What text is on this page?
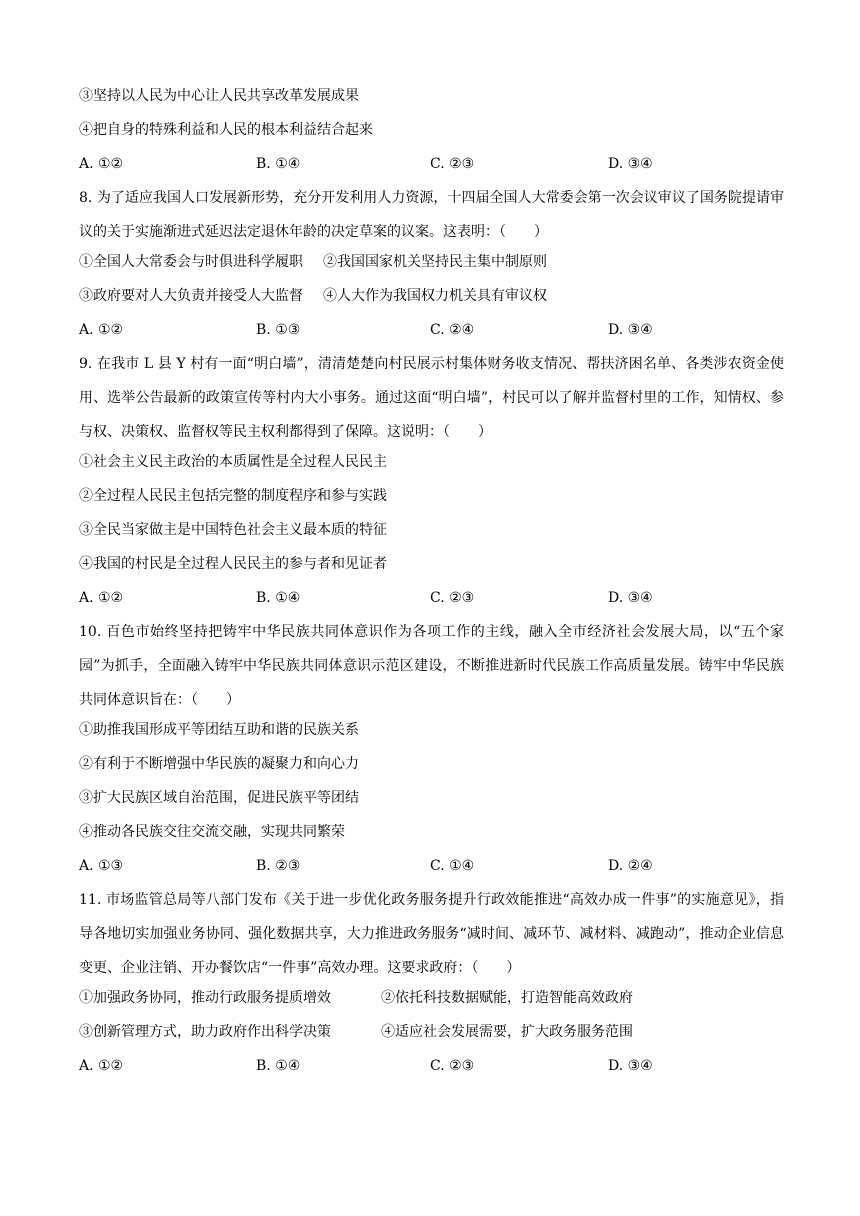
③坚持以人民为中心让人民共享改革发展成果
④把自身的特殊利益和人民的根本利益结合起来
A. ①②	B. ①④	C. ②③	D. ③④

8. 为了适应我国人口发展新形势，充分开发利用人力资源，十四届全国人大常委会第一次会议审议了国务院提请审议的关于实施渐进式延迟法定退休年龄的决定草案的议案。这表明：（　　）

①全国人大常委会与时俱进科学履职 ②我国国家机关坚持民主集中制原则
③政府要对人大负责并接受人大监督 ④人大作为我国权力机关具有审议权
A. ①②	B. ①③	C. ②④	D. ③④

9. 在我市 L 县 Y 村有一面“明白墙”，清清楚楚向村民展示村集体财务收支情况、帮扶济困名单、各类涉农资金使用、选举公告最新的政策宣传等村内大小事务。通过这面“明白墙”，村民可以了解并监督村里的工作，知情权、参与权、决策权、监督权等民主权利都得到了保障。这说明：（　　）

①社会主义民主政治的本质属性是全过程人民民主
②全过程人民民主包括完整的制度程序和参与实践
③全民当家做主是中国特色社会主义最本质的特征
④我国的村民是全过程人民民主的参与者和见证者
A. ①②	B. ①④	C. ②③	D. ③④

10. 百色市始终坚持把铸牢中华民族共同体意识作为各项工作的主线，融入全市经济社会发展大局，以“五个家园”为抓手，全面融入铸牢中华民族共同体意识示范区建设，不断推进新时代民族工作高质量发展。铸牢中华民族共同体意识旨在：（　　）

①助推我国形成平等团结互助和谐的民族关系
②有利于不断增强中华民族的凝聚力和向心力
③扩大民族区域自治范围，促进民族平等团结
④推动各民族交往交流交融，实现共同繁荣
A. ①③	B. ②③	C. ①④	D. ②④

11. 市场监管总局等八部门发布《关于进一步优化政务服务提升行政效能推进“高效办成一件事”的实施意见》，指导各地切实加强业务协同、强化数据共享，大力推进政务服务“减时间、减环节、减材料、减跑动”，推动企业信息变更、企业注销、开办餐饮店“一件事”高效办理。这要求政府：（　　）

①加强政务协同，推动行政服务提质增效	②依托科技数据赋能，打造智能高效政府
③创新管理方式，助力政府作出科学决策	④适应社会发展需要，扩大政务服务范围
A. ①②	B. ①④	C. ②③	D. ③④
